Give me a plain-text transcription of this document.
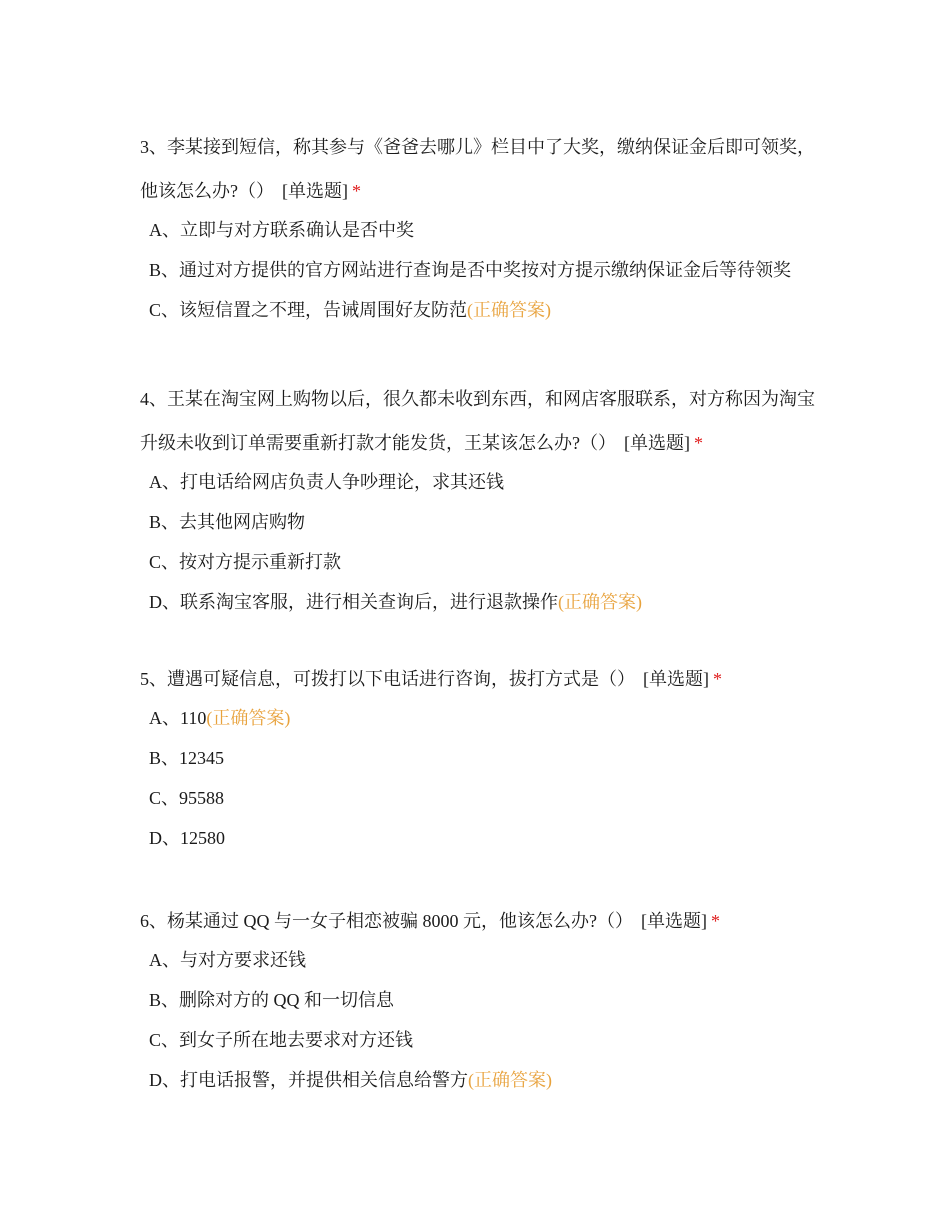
3、李某接到短信，称其参与《爸爸去哪儿》栏目中了大奖，缴纳保证金后即可领奖，他该怎么办?（） [单选题] *

A、立即与对方联系确认是否中奖
B、通过对方提供的官方网站进行查询是否中奖按对方提示缴纳保证金后等待领奖
C、该短信置之不理，告诫周围好友防范(正确答案)

4、王某在淘宝网上购物以后，很久都未收到东西，和网店客服联系，对方称因为淘宝升级未收到订单需要重新打款才能发货，王某该怎么办?（） [单选题] *

A、打电话给网店负责人争吵理论，求其还钱
B、去其他网店购物
C、按对方提示重新打款
D、联系淘宝客服，进行相关查询后，进行退款操作(正确答案)

5、遭遇可疑信息，可拨打以下电话进行咨询，拔打方式是（） [单选题] *

A、110(正确答案)
B、12345
C、95588
D、12580

6、杨某通过 QQ 与一女子相恋被骗 8000 元，他该怎么办?（） [单选题] *

A、与对方要求还钱
B、删除对方的 QQ 和一切信息
C、到女子所在地去要求对方还钱
D、打电话报警，并提供相关信息给警方(正确答案)
